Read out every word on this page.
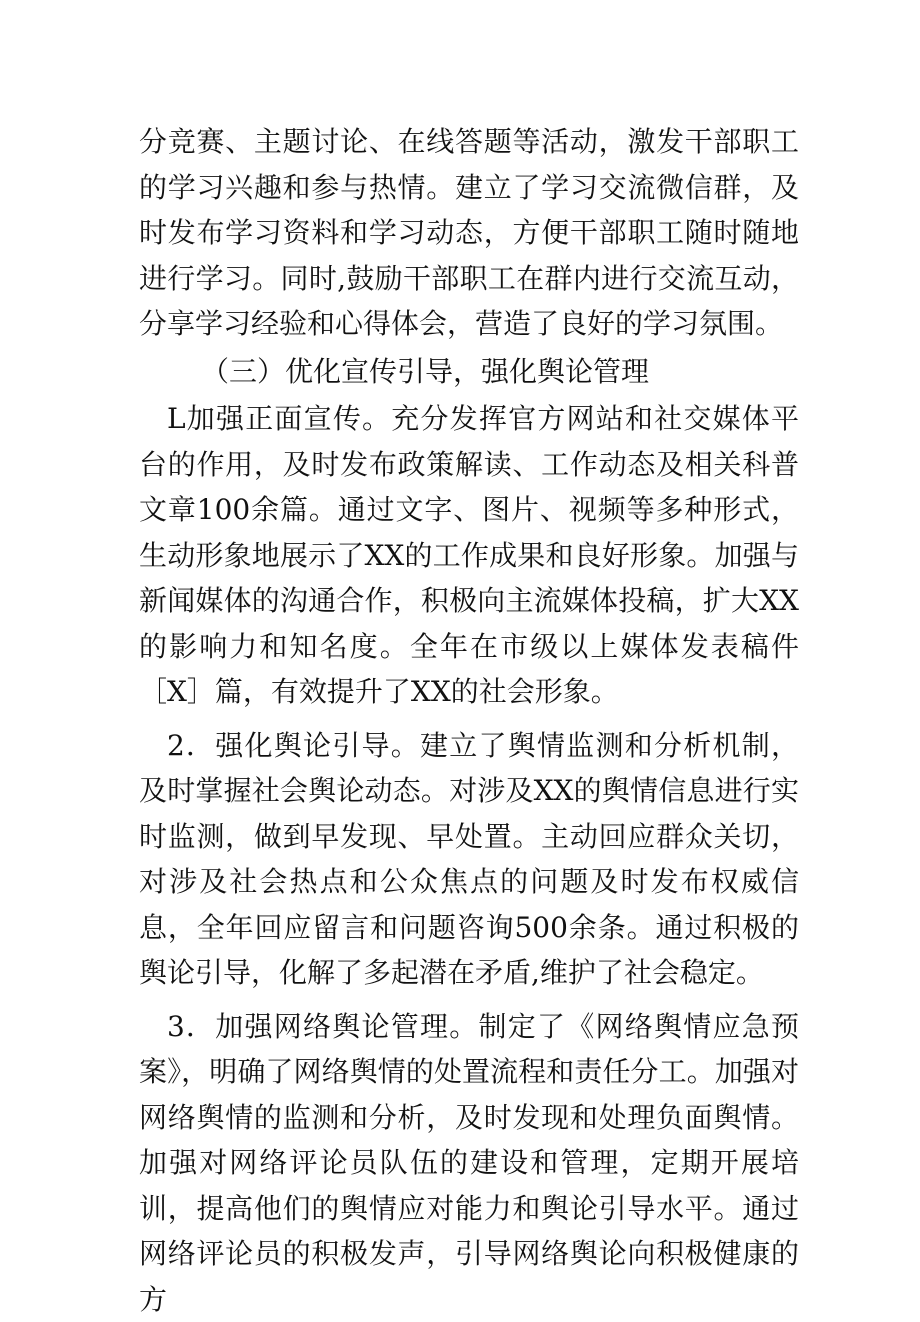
分竞赛、主题讨论、在线答题等活动，激发干部职工的学习兴趣和参与热情。建立了学习交流微信群，及时发布学习资料和学习动态，方便干部职工随时随地进行学习。同时,鼓励干部职工在群内进行交流互动，分享学习经验和心得体会，营造了良好的学习氛围。

（三）优化宣传引导，强化舆论管理

L加强正面宣传。充分发挥官方网站和社交媒体平台的作用，及时发布政策解读、工作动态及相关科普文章100余篇。通过文字、图片、视频等多种形式，生动形象地展示了XX的工作成果和良好形象。加强与新闻媒体的沟通合作，积极向主流媒体投稿，扩大XX的影响力和知名度。全年在市级以上媒体发表稿件［X］篇，有效提升了XX的社会形象。

2．强化舆论引导。建立了舆情监测和分析机制，及时掌握社会舆论动态。对涉及XX的舆情信息进行实时监测，做到早发现、早处置。主动回应群众关切，对涉及社会热点和公众焦点的问题及时发布权威信息，全年回应留言和问题咨询500余条。通过积极的舆论引导，化解了多起潜在矛盾,维护了社会稳定。

3．加强网络舆论管理。制定了《网络舆情应急预案》，明确了网络舆情的处置流程和责任分工。加强对网络舆情的监测和分析，及时发现和处理负面舆情。加强对网络评论员队伍的建设和管理，定期开展培训，提高他们的舆情应对能力和舆论引导水平。通过网络评论员的积极发声，引导网络舆论向积极健康的方
